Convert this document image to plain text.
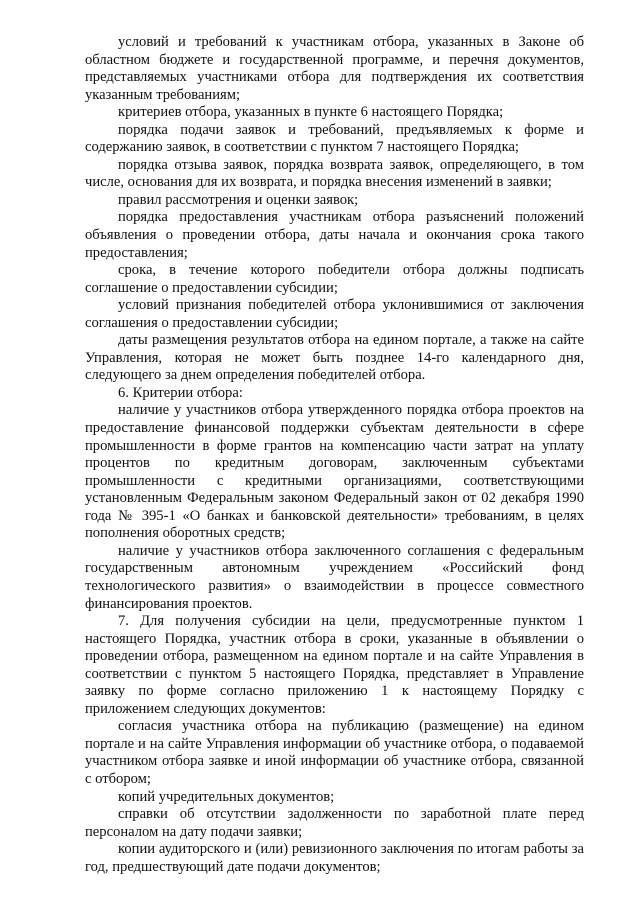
условий и требований к участникам отбора, указанных в Законе об областном бюджете и государственной программе, и перечня документов, представляемых участниками отбора для подтверждения их соответствия указанным требованиям;

критериев отбора, указанных в пункте 6 настоящего Порядка;

порядка подачи заявок и требований, предъявляемых к форме и содержанию заявок, в соответствии с пунктом 7 настоящего Порядка;

порядка отзыва заявок, порядка возврата заявок, определяющего, в том числе, основания для их возврата, и порядка внесения изменений в заявки;

правил рассмотрения и оценки заявок;

порядка предоставления участникам отбора разъяснений положений объявления о проведении отбора, даты начала и окончания срока такого предоставления;

срока, в течение которого победители отбора должны подписать соглашение о предоставлении субсидии;

условий признания победителей отбора уклонившимися от заключения соглашения о предоставлении субсидии;

даты размещения результатов отбора на едином портале, а также на сайте Управления, которая не может быть позднее 14-го календарного дня, следующего за днем определения победителей отбора.

6. Критерии отбора:

наличие у участников отбора утвержденного порядка отбора проектов на предоставление финансовой поддержки субъектам деятельности в сфере промышленности в форме грантов на компенсацию части затрат на уплату процентов по кредитным договорам, заключенным субъектами промышленности с кредитными организациями, соответствующими установленным Федеральным законом Федеральный закон от 02 декабря 1990 года № 395-1 «О банках и банковской деятельности» требованиям, в целях пополнения оборотных средств;

наличие у участников отбора заключенного соглашения с федеральным государственным автономным учреждением «Российский фонд технологического развития» о взаимодействии в процессе совместного финансирования проектов.

7. Для получения субсидии на цели, предусмотренные пунктом 1 настоящего Порядка, участник отбора в сроки, указанные в объявлении о проведении отбора, размещенном на едином портале и на сайте Управления в соответствии с пунктом 5 настоящего Порядка, представляет в Управление заявку по форме согласно приложению 1 к настоящему Порядку с приложением следующих документов:

согласия участника отбора на публикацию (размещение) на едином портале и на сайте Управления информации об участнике отбора, о подаваемой участником отбора заявке и иной информации об участнике отбора, связанной с отбором;

копий учредительных документов;

справки об отсутствии задолженности по заработной плате перед персоналом на дату подачи заявки;

копии аудиторского и (или) ревизионного заключения по итогам работы за год, предшествующий дате подачи документов;
